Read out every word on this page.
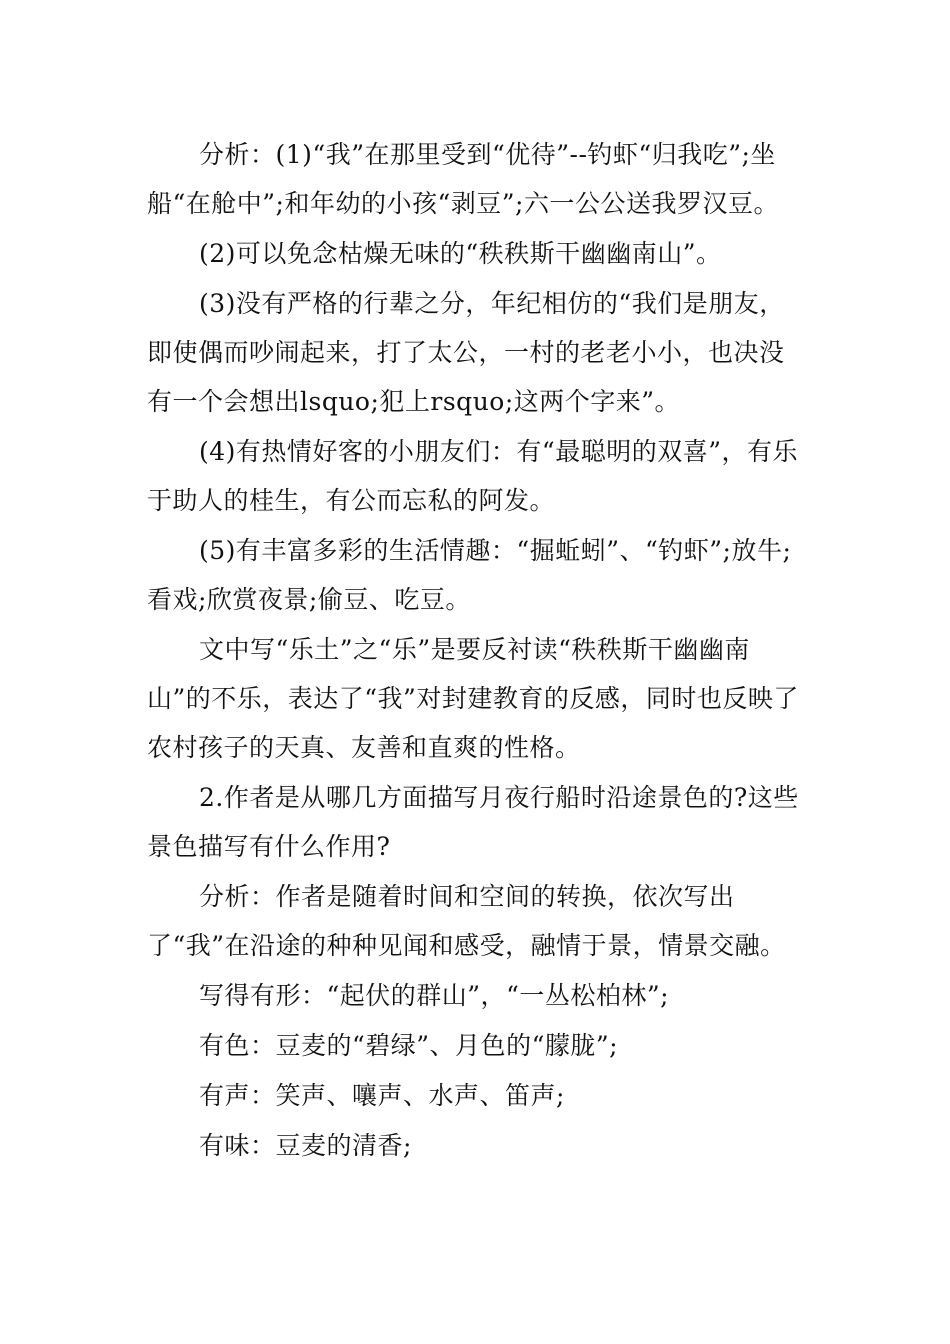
分析：(1)“我”在那里受到“优待”--钓虾“归我吃”;坐船“在舱中”;和年幼的小孩“剥豆”;六一公公送我罗汉豆。

(2)可以免念枯燥无味的“秩秩斯干幽幽南山”。

(3)没有严格的行辈之分，年纪相仿的“我们是朋友，即使偶而吵闹起来，打了太公，一村的老老小小，也决没有一个会想出lsquo;犯上rsquo;这两个字来”。

(4)有热情好客的小朋友们：有“最聪明的双喜”，有乐于助人的桂生，有公而忘私的阿发。

(5)有丰富多彩的生活情趣：“掘蚯蚓”、“钓虾”;放牛;看戏;欣赏夜景;偷豆、吃豆。

文中写“乐土”之“乐”是要反衬读“秩秩斯干幽幽南山”的不乐，表达了“我”对封建教育的反感，同时也反映了农村孩子的天真、友善和直爽的性格。

2.作者是从哪几方面描写月夜行船时沿途景色的?这些景色描写有什么作用?

分析：作者是随着时间和空间的转换，依次写出了“我”在沿途的种种见闻和感受，融情于景，情景交融。

写得有形：“起伏的群山”，“一丛松柏林”;

有色：豆麦的“碧绿”、月色的“朦胧”;

有声：笑声、嚷声、水声、笛声;

有味：豆麦的清香;
